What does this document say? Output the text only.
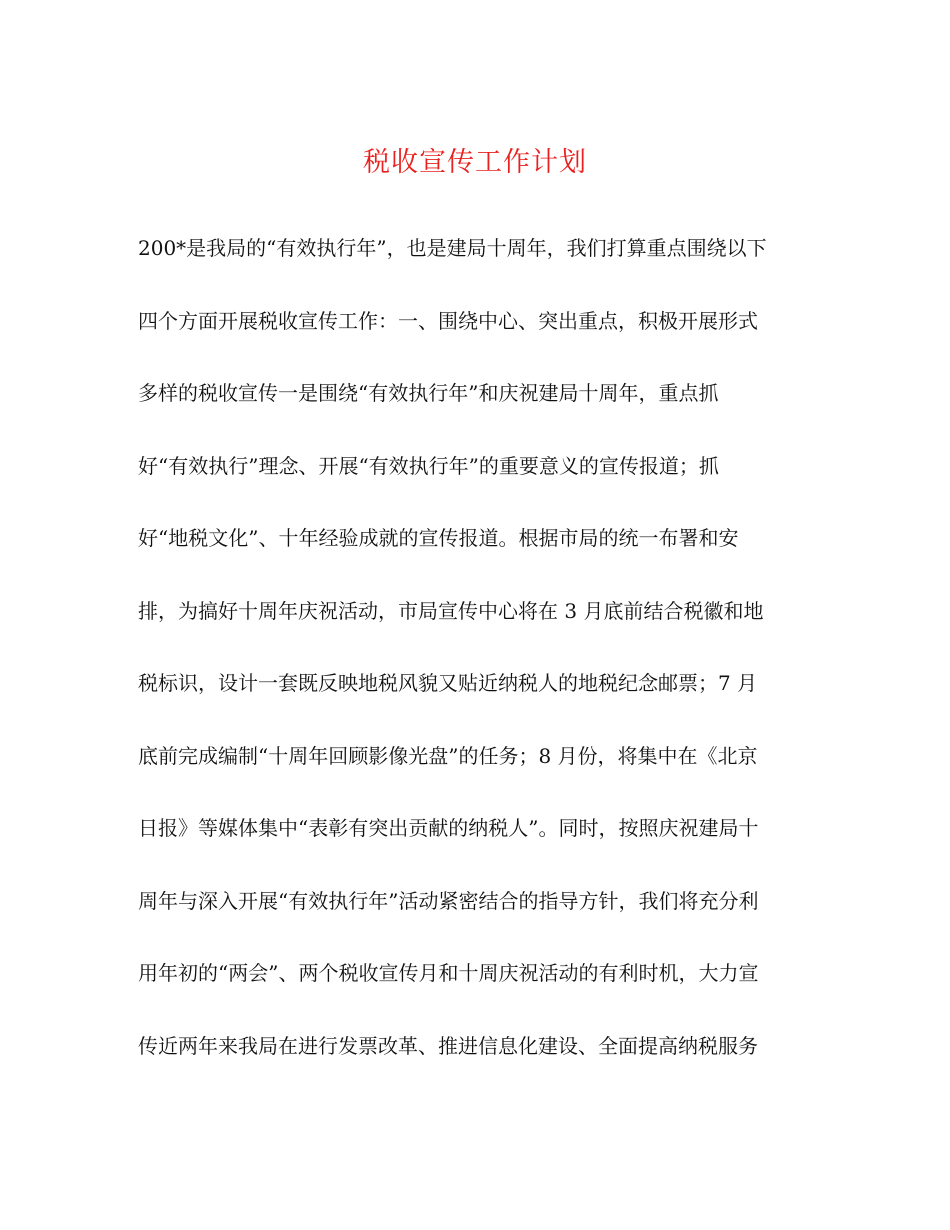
税收宣传工作计划
200*是我局的“有效执行年”，也是建局十周年，我们打算重点围绕以下
四个方面开展税收宣传工作：一、围绕中心、突出重点，积极开展形式
多样的税收宣传一是围绕“有效执行年”和庆祝建局十周年，重点抓
好“有效执行”理念、开展“有效执行年”的重要意义的宣传报道；抓
好“地税文化”、十年经验成就的宣传报道。根据市局的统一布署和安
排，为搞好十周年庆祝活动，市局宣传中心将在 3 月底前结合税徽和地
税标识，设计一套既反映地税风貌又贴近纳税人的地税纪念邮票；7 月
底前完成编制“十周年回顾影像光盘”的任务；8 月份，将集中在《北京
日报》等媒体集中“表彰有突出贡献的纳税人”。同时，按照庆祝建局十
周年与深入开展“有效执行年”活动紧密结合的指导方针，我们将充分利
用年初的“两会”、两个税收宣传月和十周庆祝活动的有利时机，大力宣
传近两年来我局在进行发票改革、推进信息化建设、全面提高纳税服务
